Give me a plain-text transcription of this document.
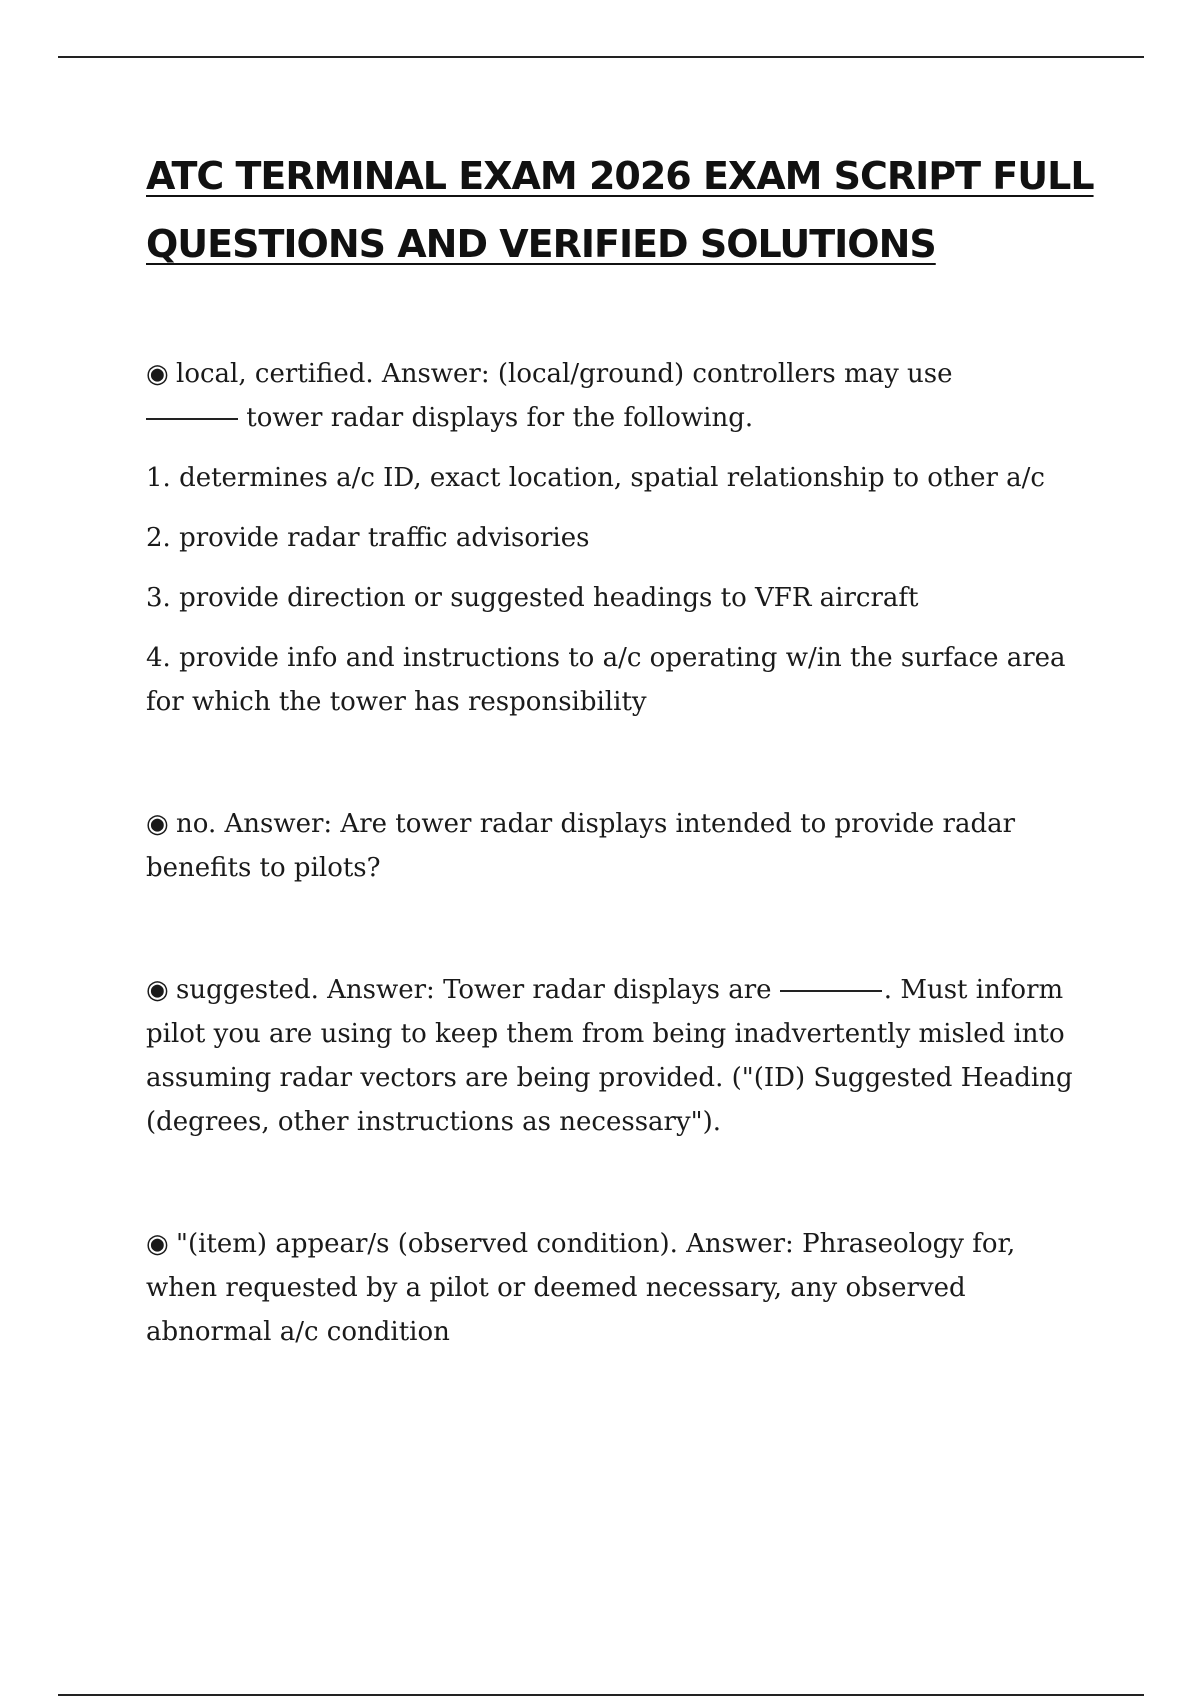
ATC TERMINAL EXAM 2026 EXAM SCRIPT FULL QUESTIONS AND VERIFIED SOLUTIONS

◉ local, certified. Answer: (local/ground) controllers may use
tower radar displays for the following.

1. determines a/c ID, exact location, spatial relationship to other a/c

2. provide radar traffic advisories

3. provide direction or suggested headings to VFR aircraft

4. provide info and instructions to a/c operating w/in the surface area for which the tower has responsibility

◉ no. Answer: Are tower radar displays intended to provide radar benefits to pilots?

◉ suggested. Answer: Tower radar displays are	. Must inform pilot you are using to keep them from being inadvertently misled into assuming radar vectors are being provided. ("(ID) Suggested Heading (degrees, other instructions as necessary").

◉ "(item) appear/s (observed condition). Answer: Phraseology for, when requested by a pilot or deemed necessary, any observed abnormal a/c condition
